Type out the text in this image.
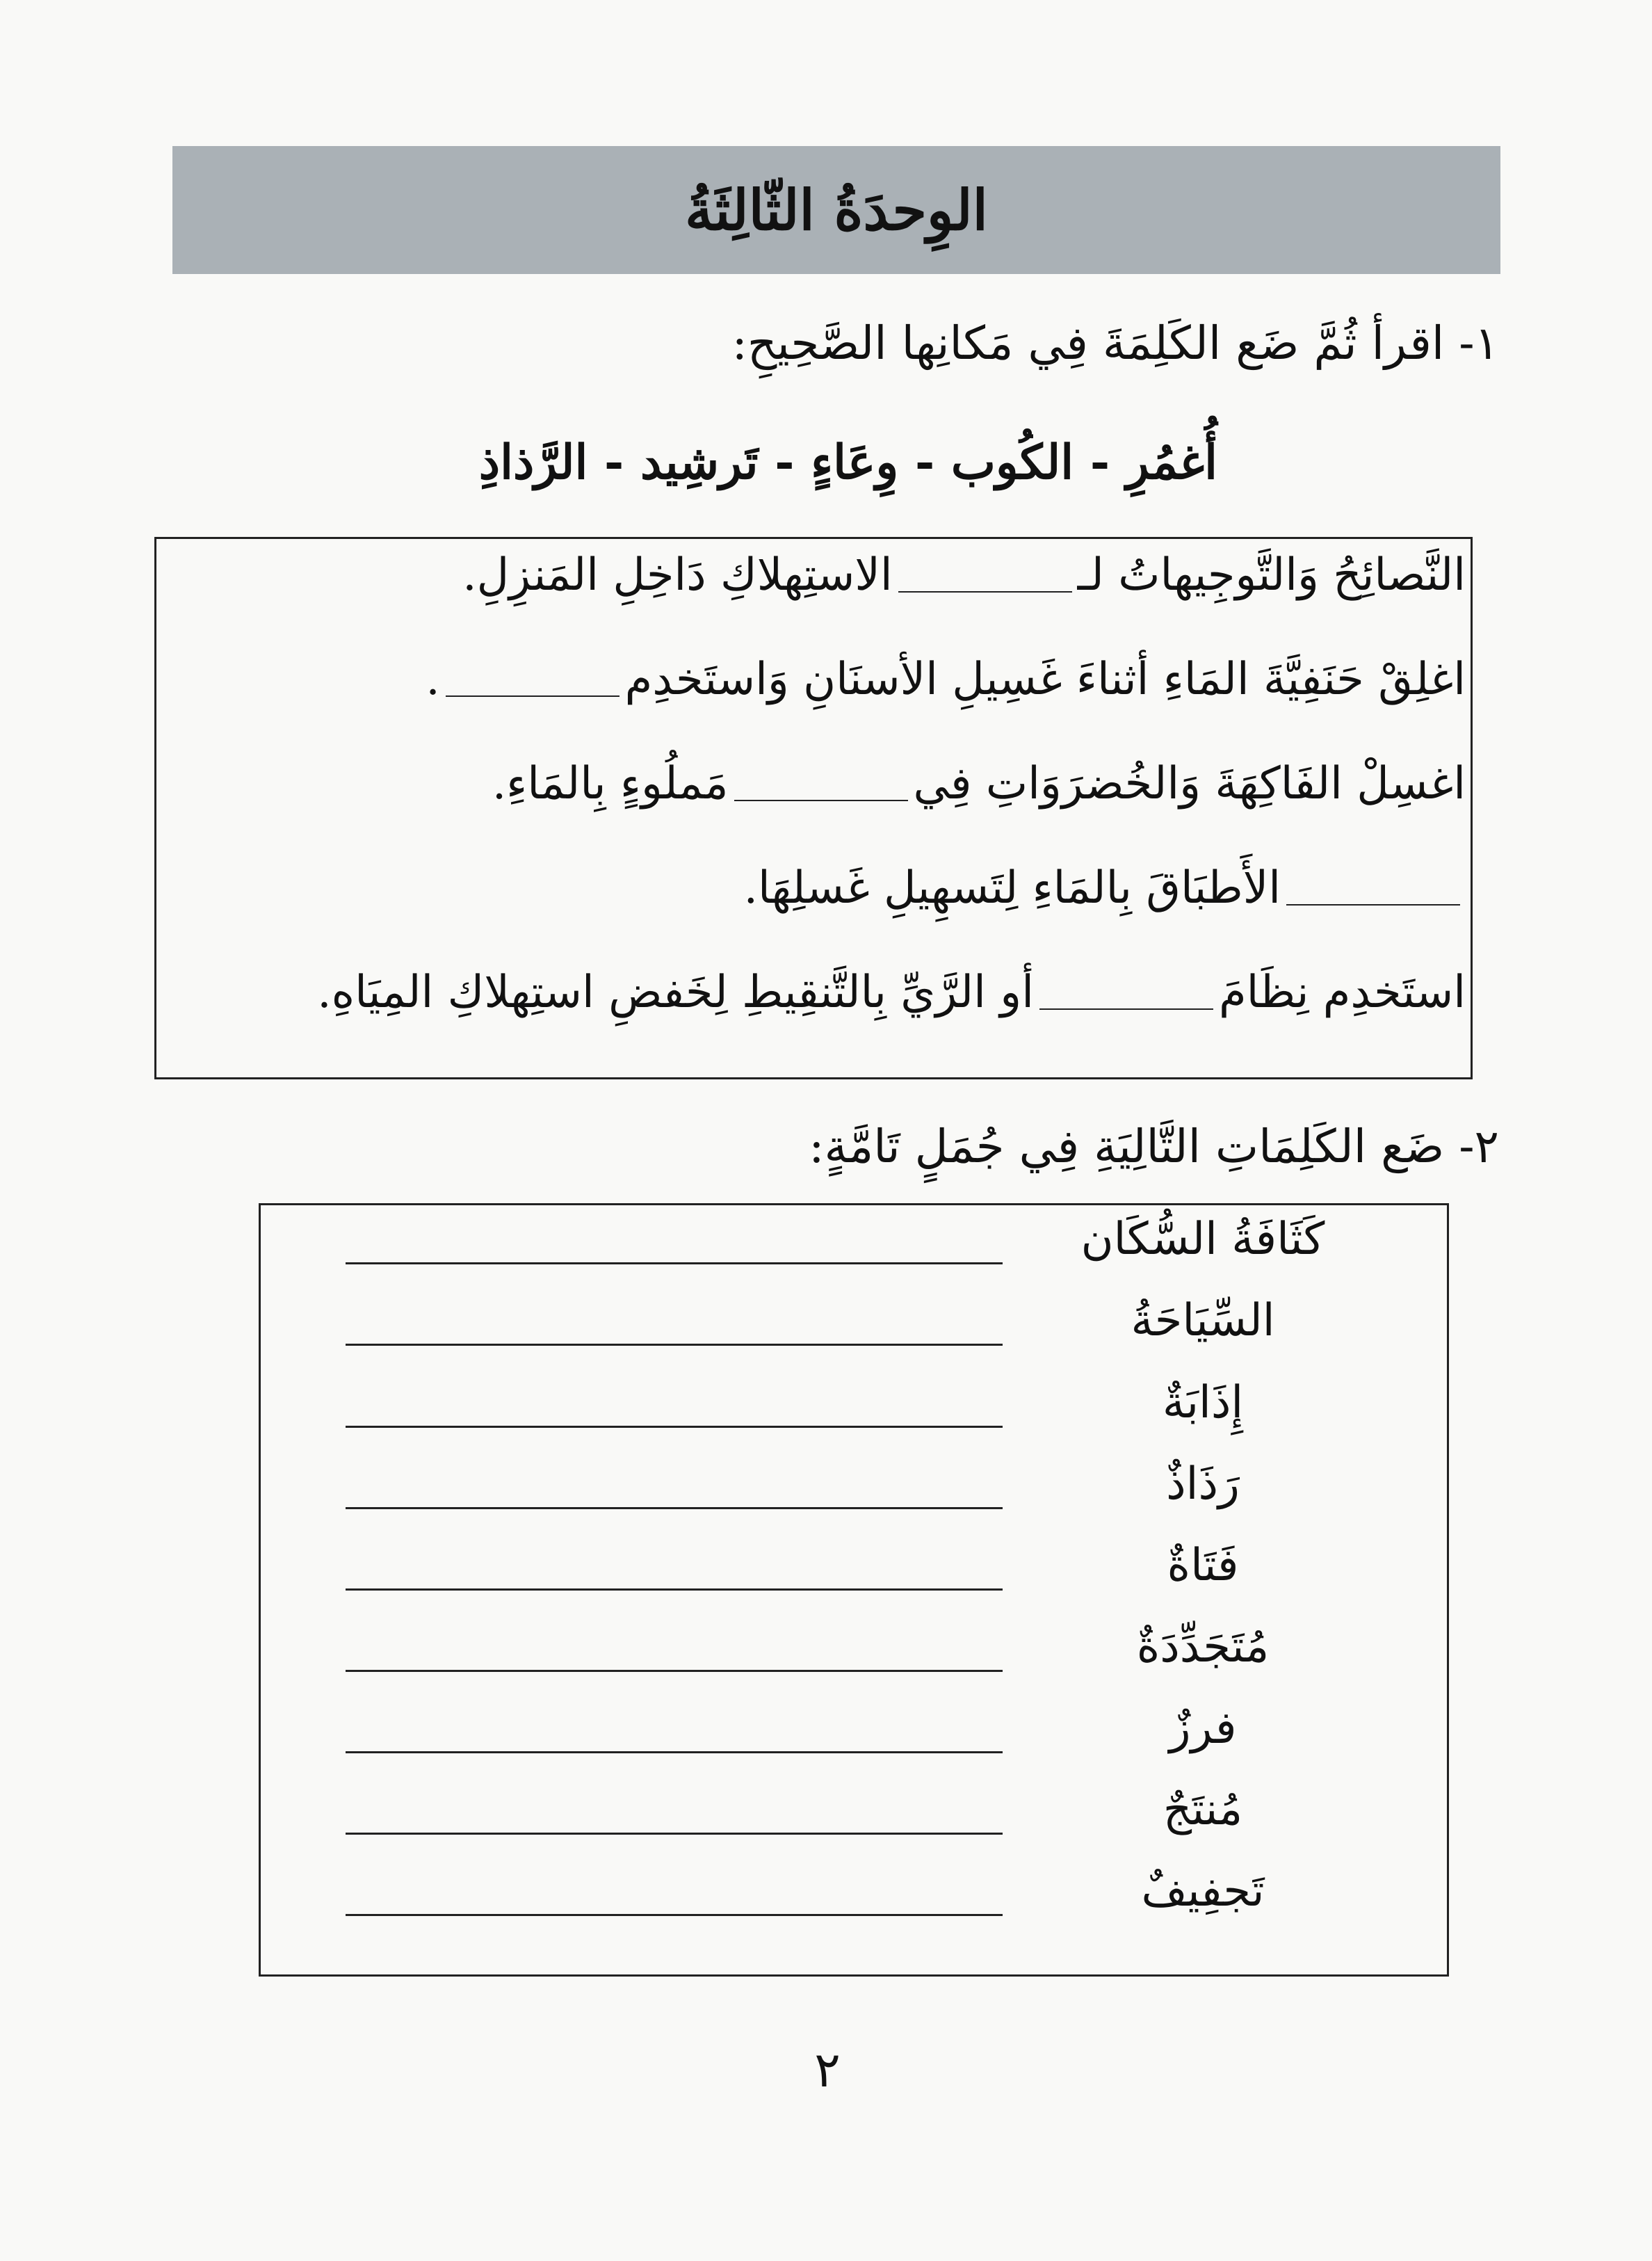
الوِحدَةُ الثّالِثَةُ
١- اقرأ ثُمَّ ضَع الكَلِمَةَ فِي مَكانِها الصَّحِيحِ:
أُغمُرِ - الكُوب - وِعَاءٍ - تَرشِيد - الرَّذاذِ
النَّصائِحُ وَالتَّوجِيهاتُ لـالاستِهلاكِ دَاخِلِ المَنزِلِ.
اغلِقْ حَنَفِيَّةَ المَاءِ أثناءَ غَسِيلِ الأسنَانِ وَاستَخدِم.
اغسِلْ الفَاكِهَةَ وَالخُضرَوَاتِ فِيمَملُوءٍ بِالمَاءِ.
الأَطبَاقَ بِالمَاءِ لِتَسهِيلِ غَسلِهَا.
استَخدِم نِظَامَأو الرَّيِّ بِالتَّنقِيطِ لِخَفضِ استِهلاكِ المِيَاهِ.
٢- ضَع الكَلِمَاتِ التَّالِيَةِ فِي جُمَلٍ تَامَّةٍ:
كَثَافَةُ السُّكَان
السِّيَاحَةُ
إِذَابَةٌ
رَذَاذٌ
فَتَاةٌ
مُتَجَدِّدَةٌ
فرزٌ
مُنتَجٌ
تَجفِيفٌ
٢
